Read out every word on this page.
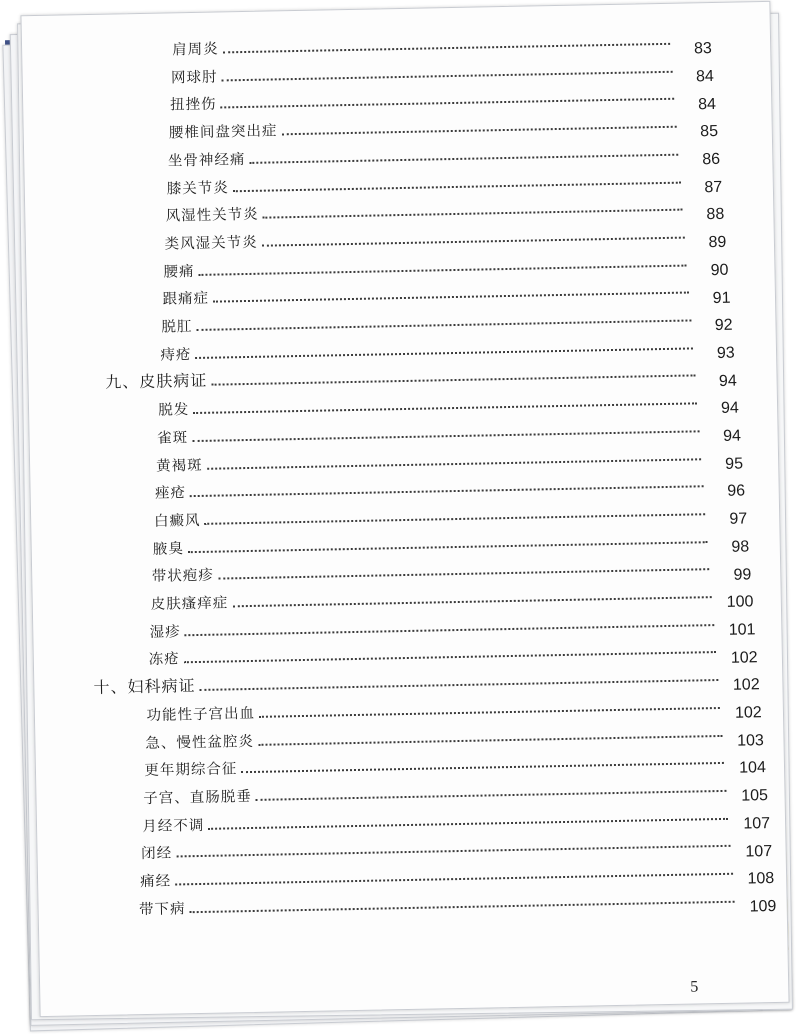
肩周炎
网球肘
83
扭挫伤
84
腰椎间盘突出症
84
坐骨神经痛
85
膝关节炎
86
风湿性关节炎
87
类风湿关节炎
88
腰痛
89
跟痛症
90
脱肛
91
痔疮
92
九、皮肤病证
93
脱发
94
雀斑
94
黄褐斑
94
痤疮
95
白癜风
96
腋臭
97
带状疱疹
98
皮肤瘙痒症
99
湿疹
100
冻疮
101
十、妇科病证
102
功能性子宫出血
102
急、慢性盆腔炎
102
更年期综合征
103
子宫、直肠脱垂
104
月经不调
105
闭经
107
痛经
107
带下病
108
109
5
